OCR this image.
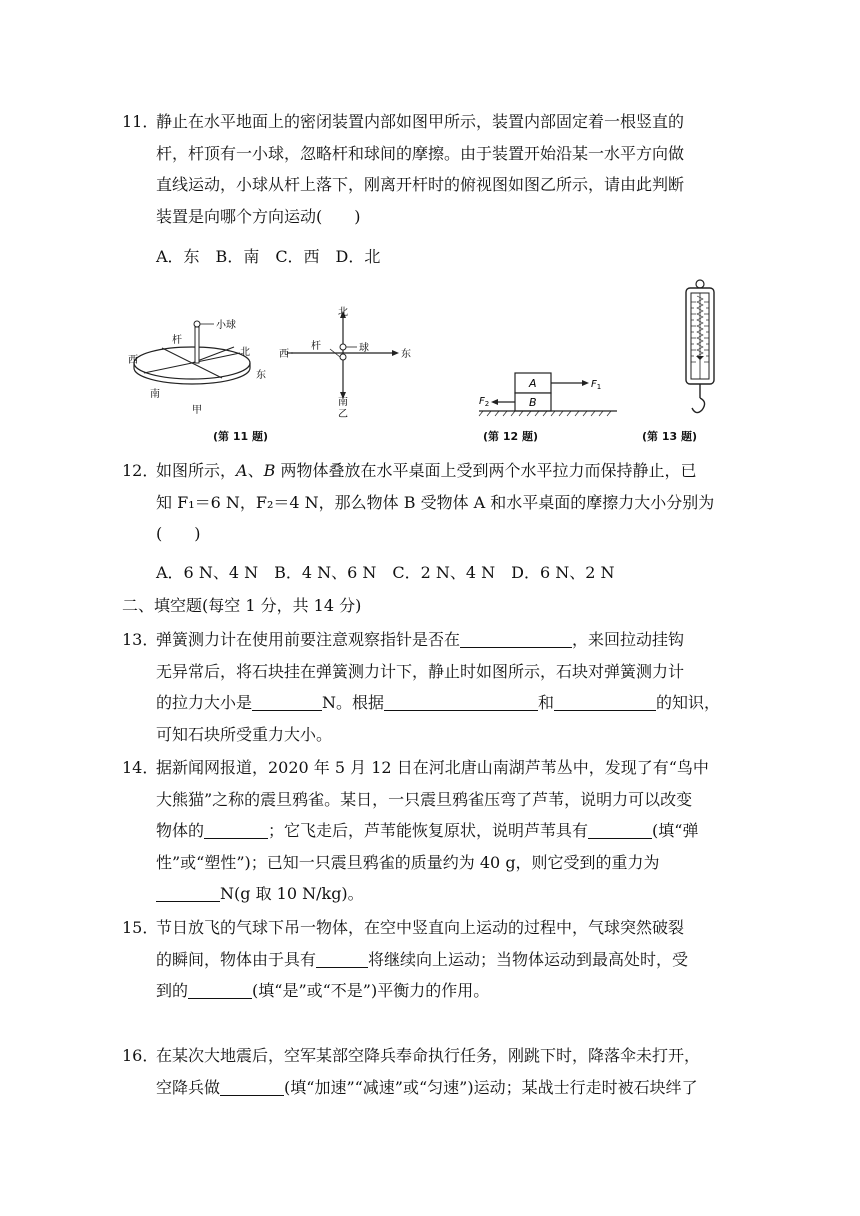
11．
静止在水平地面上的密闭装置内部如图甲所示，装置内部固定着一根竖直的
杆，杆顶有一小球，忽略杆和球间的摩擦。由于装置开始沿某一水平方向做
直线运动，小球从杆上落下，刚离开杆时的俯视图如图乙所示，请由此判断
装置是向哪个方向运动(　　)
A．东　B．南　C．西　D．北
小球
杆
北
东
西
南
甲
北
西	东
杆	球
南
乙
(第 11 题)
A
B
$F_1$
$F_2$
(第 12 题)	(第 13 题)
12．
如图所示，A、B 两物体叠放在水平桌面上受到两个水平拉力而保持静止，已
知 F₁＝6 N，F₂＝4 N，那么物体 B 受物体 A 和水平桌面的摩擦力大小分别为
(　　)
A．6 N、4 N　B．4 N、6 N　C．2 N、4 N　D．6 N、2 N
二、填空题(每空 1 分，共 14 分)
13．
弹簧测力计在使用前要注意观察指针是否在	，来回拉动挂钩
无异常后，将石块挂在弹簧测力计下，静止时如图所示，石块对弹簧测力计
的拉力大小是	N。根据	和	的知识，
可知石块所受重力大小。
14．
据新闻网报道，2020 年 5 月 12 日在河北唐山南湖芦苇丛中，发现了有“鸟中
大熊猫”之称的震旦鸦雀。某日，一只震旦鸦雀压弯了芦苇，说明力可以改变
物体的	；它飞走后，芦苇能恢复原状，说明芦苇具有	(填“弹
性”或“塑性”)；已知一只震旦鸦雀的质量约为 40 g，则它受到的重力为
N(g 取 10 N/kg)。
15．
节日放飞的气球下吊一物体，在空中竖直向上运动的过程中，气球突然破裂
的瞬间，物体由于具有	将继续向上运动；当物体运动到最高处时，受
到的	(填“是”或“不是”)平衡力的作用。
16．
在某次大地震后，空军某部空降兵奉命执行任务，刚跳下时，降落伞未打开，
空降兵做	(填“加速”“减速”或“匀速”)运动；某战士行走时被石块绊了
